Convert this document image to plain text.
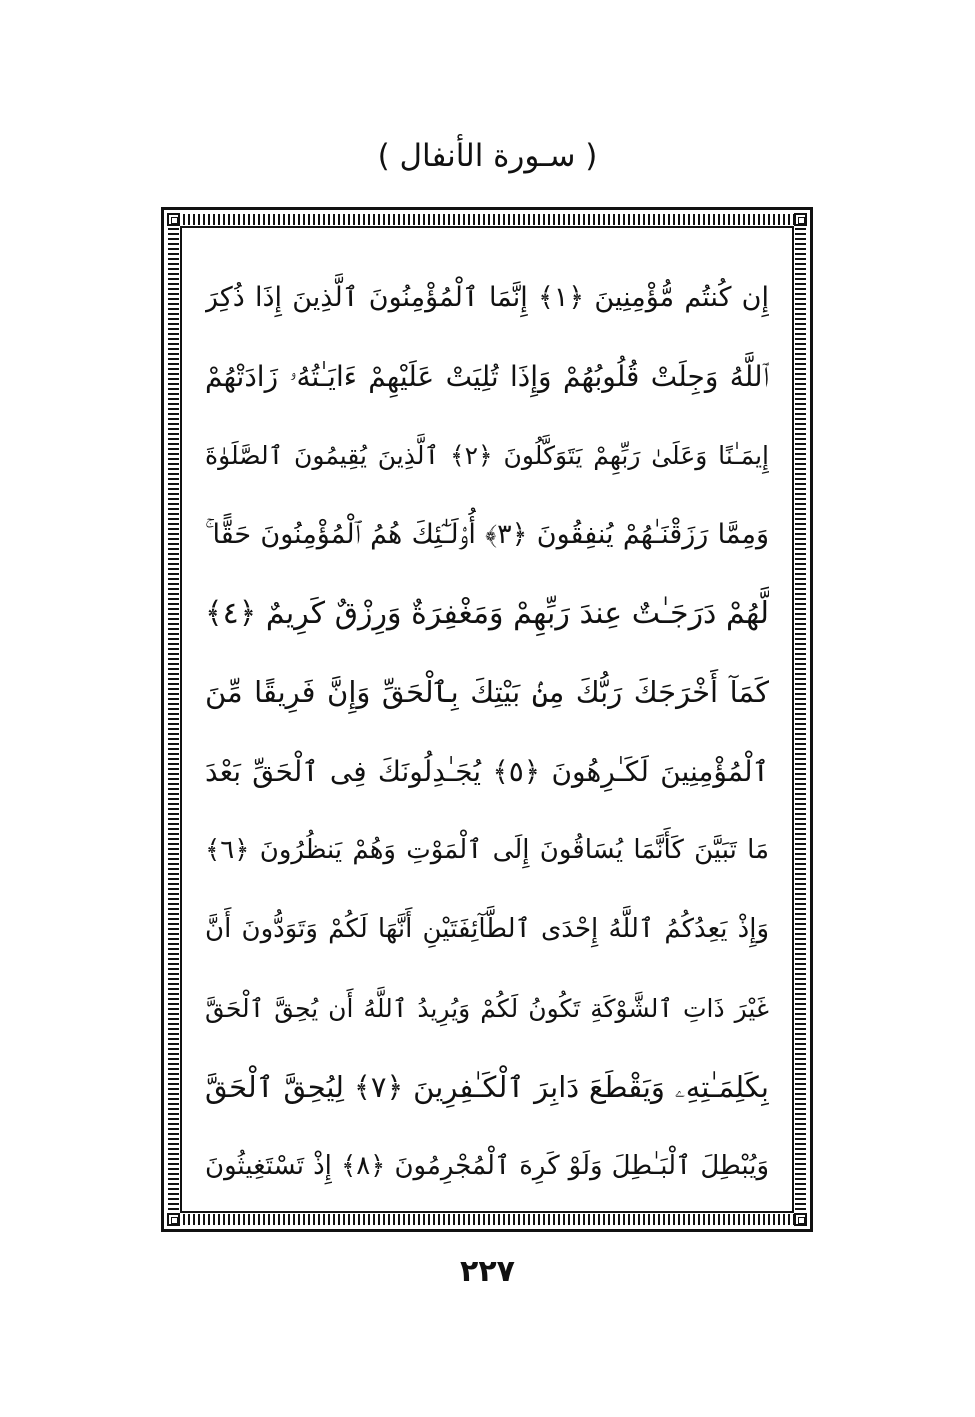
( سـورة الأنفال )
إِن كُنتُم مُّؤْمِنِينَ ﴿١﴾ إِنَّمَا ٱلْمُؤْمِنُونَ ٱلَّذِينَ إِذَا ذُكِرَ
ٱللَّهُ وَجِلَتْ قُلُوبُهُمْ وَإِذَا تُلِيَتْ عَلَيْهِمْ ءَايَـٰتُهُۥ زَادَتْهُمْ
إِيمَـٰنًا وَعَلَىٰ رَبِّهِمْ يَتَوَكَّلُونَ ﴿٢﴾ ٱلَّذِينَ يُقِيمُونَ ٱلصَّلَوٰةَ
وَمِمَّا رَزَقْنَـٰهُمْ يُنفِقُونَ ﴿٣﴾ أُو۟لَـٰٓئِكَ هُمُ ٱلْمُؤْمِنُونَ حَقًّا ۚ
لَّهُمْ دَرَجَـٰتٌ عِندَ رَبِّهِمْ وَمَغْفِرَةٌ وَرِزْقٌ كَرِيمٌ ﴿٤﴾
كَمَآ أَخْرَجَكَ رَبُّكَ مِنۢ بَيْتِكَ بِٱلْحَقِّ وَإِنَّ فَرِيقًا مِّنَ
ٱلْمُؤْمِنِينَ لَكَـٰرِهُونَ ﴿٥﴾ يُجَـٰدِلُونَكَ فِى ٱلْحَقِّ بَعْدَ
مَا تَبَيَّنَ كَأَنَّمَا يُسَاقُونَ إِلَى ٱلْمَوْتِ وَهُمْ يَنظُرُونَ ﴿٦﴾
وَإِذْ يَعِدُكُمُ ٱللَّهُ إِحْدَى ٱلطَّآئِفَتَيْنِ أَنَّهَا لَكُمْ وَتَوَدُّونَ أَنَّ
غَيْرَ ذَاتِ ٱلشَّوْكَةِ تَكُونُ لَكُمْ وَيُرِيدُ ٱللَّهُ أَن يُحِقَّ ٱلْحَقَّ
بِكَلِمَـٰتِهِۦ وَيَقْطَعَ دَابِرَ ٱلْكَـٰفِرِينَ ﴿٧﴾ لِيُحِقَّ ٱلْحَقَّ
وَيُبْطِلَ ٱلْبَـٰطِلَ وَلَوْ كَرِهَ ٱلْمُجْرِمُونَ ﴿٨﴾ إِذْ تَسْتَغِيثُونَ
٢٢٧
